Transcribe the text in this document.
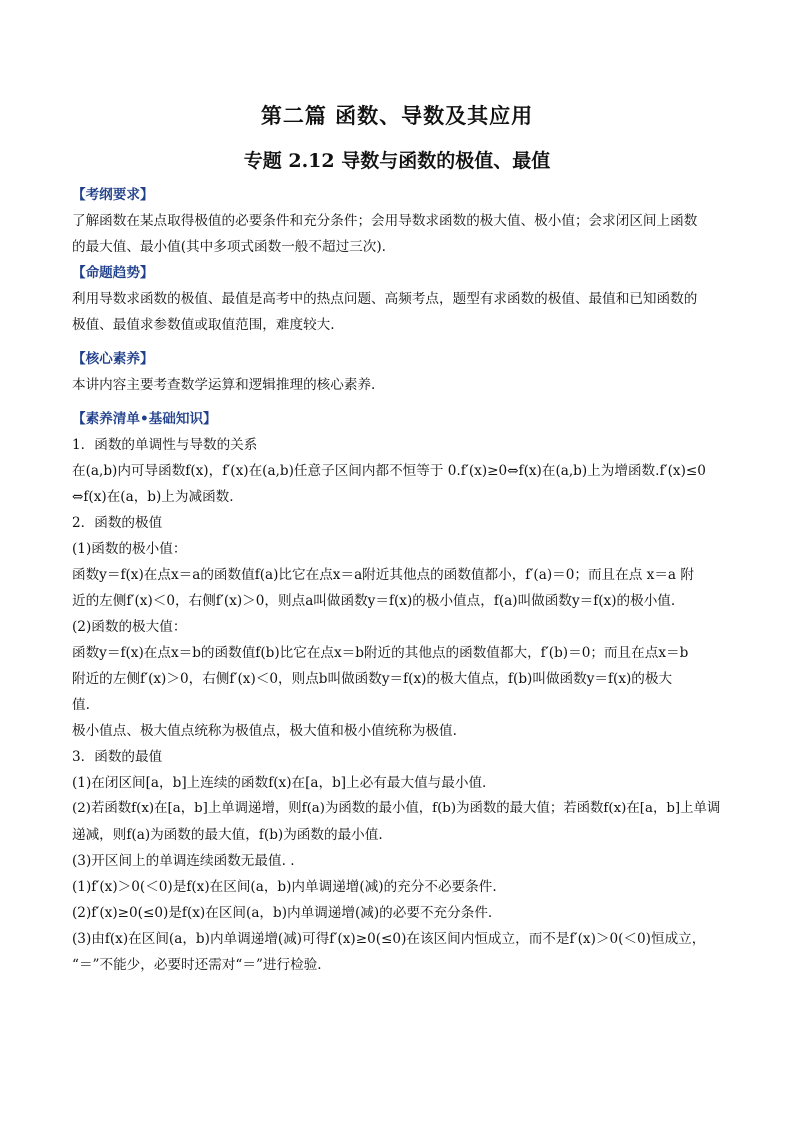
第二篇 函数、导数及其应用
专题 2.12 导数与函数的极值、最值
【考纲要求】
了解函数在某点取得极值的必要条件和充分条件；会用导数求函数的极大值、极小值；会求闭区间上函数
的最大值、最小值(其中多项式函数一般不超过三次).
【命题趋势】
利用导数求函数的极值、最值是高考中的热点问题、高频考点，题型有求函数的极值、最值和已知函数的
极值、最值求参数值或取值范围，难度较大.
【核心素养】
本讲内容主要考查数学运算和逻辑推理的核心素养.
【素养清单•基础知识】
1．函数的单调性与导数的关系
在(a,b)内可导函数f(x)，f′(x)在(a,b)任意子区间内都不恒等于 0.f′(x)≥0⇔f(x)在(a,b)上为增函数.f′(x)≤0
⇔f(x)在(a，b)上为减函数.
2．函数的极值
(1)函数的极小值：
函数y＝f(x)在点x＝a的函数值f(a)比它在点x＝a附近其他点的函数值都小，f′(a)＝0；而且在点 x＝a 附
近的左侧f′(x)＜0，右侧f′(x)＞0，则点a叫做函数y＝f(x)的极小值点，f(a)叫做函数y＝f(x)的极小值.
(2)函数的极大值：
函数y＝f(x)在点x＝b的函数值f(b)比它在点x＝b附近的其他点的函数值都大，f′(b)＝0；而且在点x＝b
附近的左侧f′(x)＞0，右侧f′(x)＜0，则点b叫做函数y＝f(x)的极大值点，f(b)叫做函数y＝f(x)的极大
值.
极小值点、极大值点统称为极值点，极大值和极小值统称为极值.
3．函数的最值
(1)在闭区间[a，b]上连续的函数f(x)在[a，b]上必有最大值与最小值.
(2)若函数f(x)在[a，b]上单调递增，则f(a)为函数的最小值，f(b)为函数的最大值；若函数f(x)在[a，b]上单调
递减，则f(a)为函数的最大值，f(b)为函数的最小值.
(3)开区间上的单调连续函数无最值. .
(1)f′(x)＞0(＜0)是f(x)在区间(a，b)内单调递增(减)的充分不必要条件.
(2)f′(x)≥0(≤0)是f(x)在区间(a，b)内单调递增(减)的必要不充分条件.
(3)由f(x)在区间(a，b)内单调递增(减)可得f′(x)≥0(≤0)在该区间内恒成立，而不是f′(x)＞0(＜0)恒成立，
“＝”不能少，必要时还需对“＝”进行检验.
